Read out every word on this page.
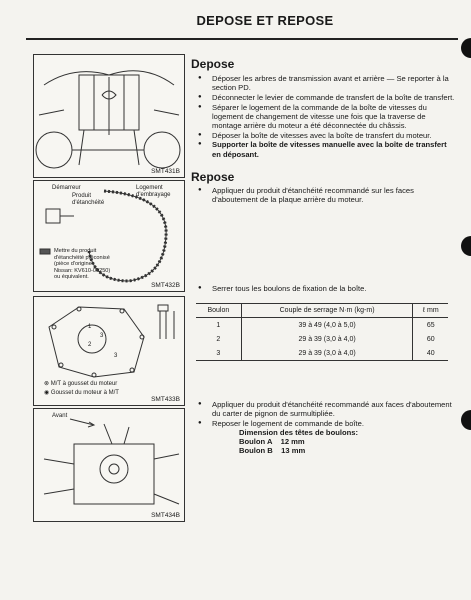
DEPOSE ET REPOSE
SMT431B
Démarreur
Produit
d'étanchéité
Logement
d'embrayage
Mettre du produit
d'étanchéité préconisé
(pièce d'origine
Nissan: KV610-00250)
ou équivalent.
SMT432B
1
2
3
3
⊗ M/T à gousset du moteur
◉ Gousset du moteur à M/T
SMT433B
Avant
SMT434B
Depose
● Déposer les arbres de transmission avant et arrière — Se reporter à la section PD.
● Déconnecter le levier de commande de transfert de la boîte de transfert.
● Séparer le logement de la commande de la boîte de vitesses du logement de changement de vitesse une fois que la traverse de montage arrière du moteur a été déconnectée du châssis.
● Déposer la boîte de vitesses avec la boîte de transfert du moteur.
● Supporter la boîte de vitesses manuelle avec la boîte de transfert en déposant.
Repose
● Appliquer du produit d'étanchéité recommandé sur les faces d'aboutement de la plaque arrière du moteur.
● Serrer tous les boulons de fixation de la boîte.
Boulon	Couple de serrage N·m (kg-m)	ℓ mm
1	39 à 49 (4,0 à 5,0)	65
2	29 à 39 (3,0 à 4,0)	60
3	29 à 39 (3,0 à 4,0)	40
● Appliquer du produit d'étanchéité recommandé aux faces d'aboutement du carter de pignon de surmultipliée.
● Reposer le logement de commande de boîte.
Dimension des têtes de boulons:
Boulon A    12 mm
Boulon B    13 mm
